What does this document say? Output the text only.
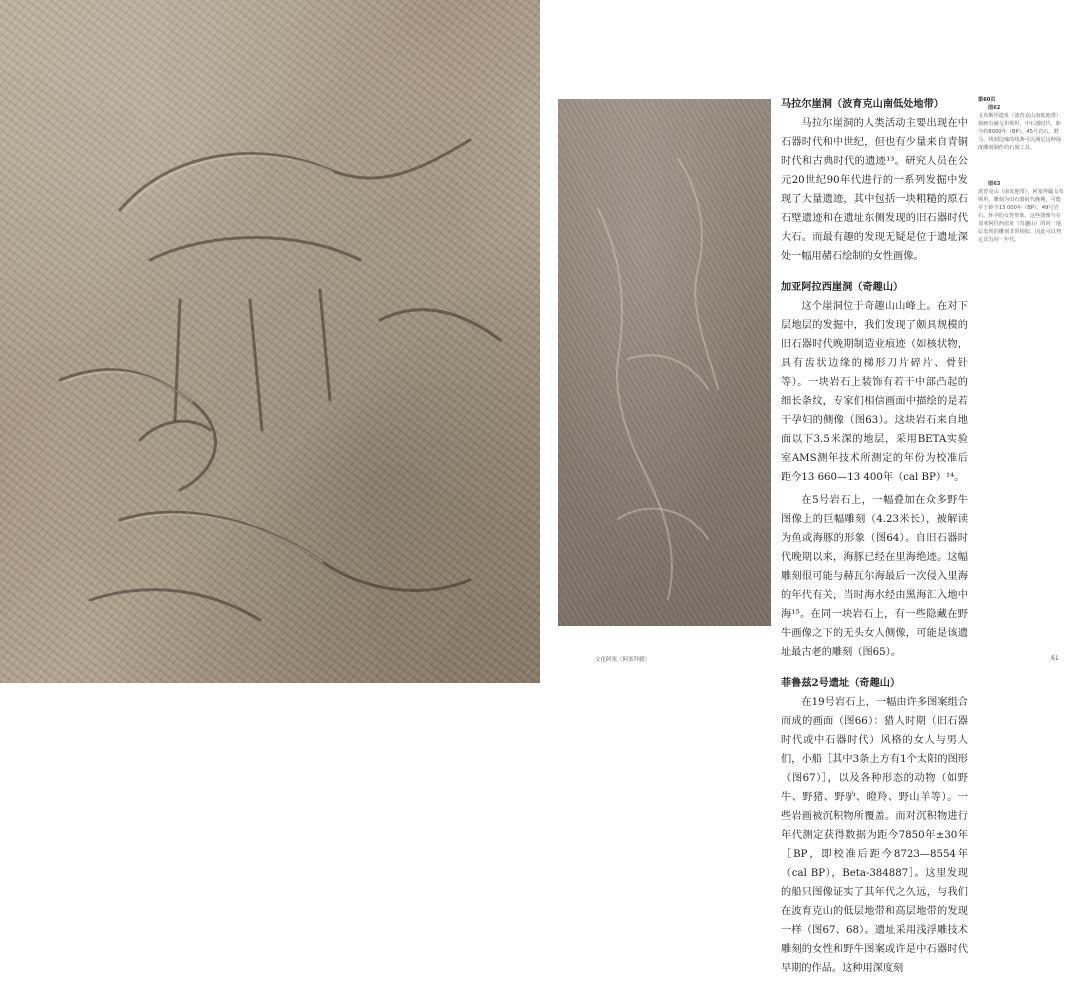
马拉尔崖洞（波育克山南低处地带）

马拉尔崖洞的人类活动主要出现在中石器时代和中世纪，但也有少量来自青铜时代和古典时代的遗迹¹³。研究人员在公元20世纪90年代进行的一系列发掘中发现了大量遗迹，其中包括一块粗糙的原石石壁遗迹和在遗址东侧发现的旧石器时代大石。而最有趣的发现无疑是位于遗址深处一幅用赭石绘制的女性画像。

加亚阿拉西崖洞（奇趣山）

这个崖洞位于奇趣山山峰上。在对下层地层的发掘中，我们发现了颇具规模的旧石器时代晚期制造业痕迹（如核状物，具有齿状边缘的梯形刀片碎片、骨针等）。一块岩石上装饰有若干中部凸起的细长条纹，专家们相信画面中描绘的是若干孕妇的侧像（图63）。这块岩石来自地面以下3.5米深的地层，采用BETA实验室AMS测年技术所测定的年份为校准后距今13 660—13 400年（cal BP）¹⁴。

在5号岩石上，一幅叠加在众多野牛图像上的巨幅雕刻（4.23米长），被解读为鱼或海豚的形象（图64）。自旧石器时代晚期以来，海豚已经在里海绝迹。这幅雕刻很可能与赫瓦尔海最后一次侵入里海的年代有关，当时海水经由黑海汇入地中海¹⁵。在同一块岩石上，有一些隐藏在野牛画像之下的无头女人侧像，可能是该遗址最古老的雕刻（图65）。

菲鲁兹2号遗址（奇趣山）

在19号岩石上，一幅由许多图案组合而成的画面（图66）：猎人时期（旧石器时代或中石器时代）风格的女人与男人们，小船［其中3条上方有1个太阳的图形（图67）］，以及各种形态的动物（如野牛、野猪、野驴、瞪羚、野山羊等）。一些岩画被沉积物所覆盖。而对沉积物进行年代测定获得数据为距今7850年±30年［BP，即校准后距今8723—8554年（cal BP），Beta-384887］。这里发现的船只图像证实了其年代之久远，与我们在波育克山的低层地带和高层地带的发现一样（图67、68）。遗址采用浅浮雕技术雕刻的女性和野牛图案或许是中石器时代早期的作品。这种用深度刻

第60页
图62
戈布斯坦遗址（波育克山南低地带）刻画有赫戈布斯坦，中石器时代，距今约8000年（BP）。45号岩石。野马，线刻边缘的线条可以满足这种深度雕刻制作的石刻工具。
图63
波育克山（南处地带），阿塞拜疆戈布斯坦，雕刻为旧石器时代晚期，可能早于距今13 000年（BP）。49号岩石。怀孕的女性形象，这些图像与在加亚阿拉西崖址（奇趣山）的同一地层发现的雕刻非常相似，因此可以判定其有同一年代。
文化阿塞（阿塞拜疆）	61
